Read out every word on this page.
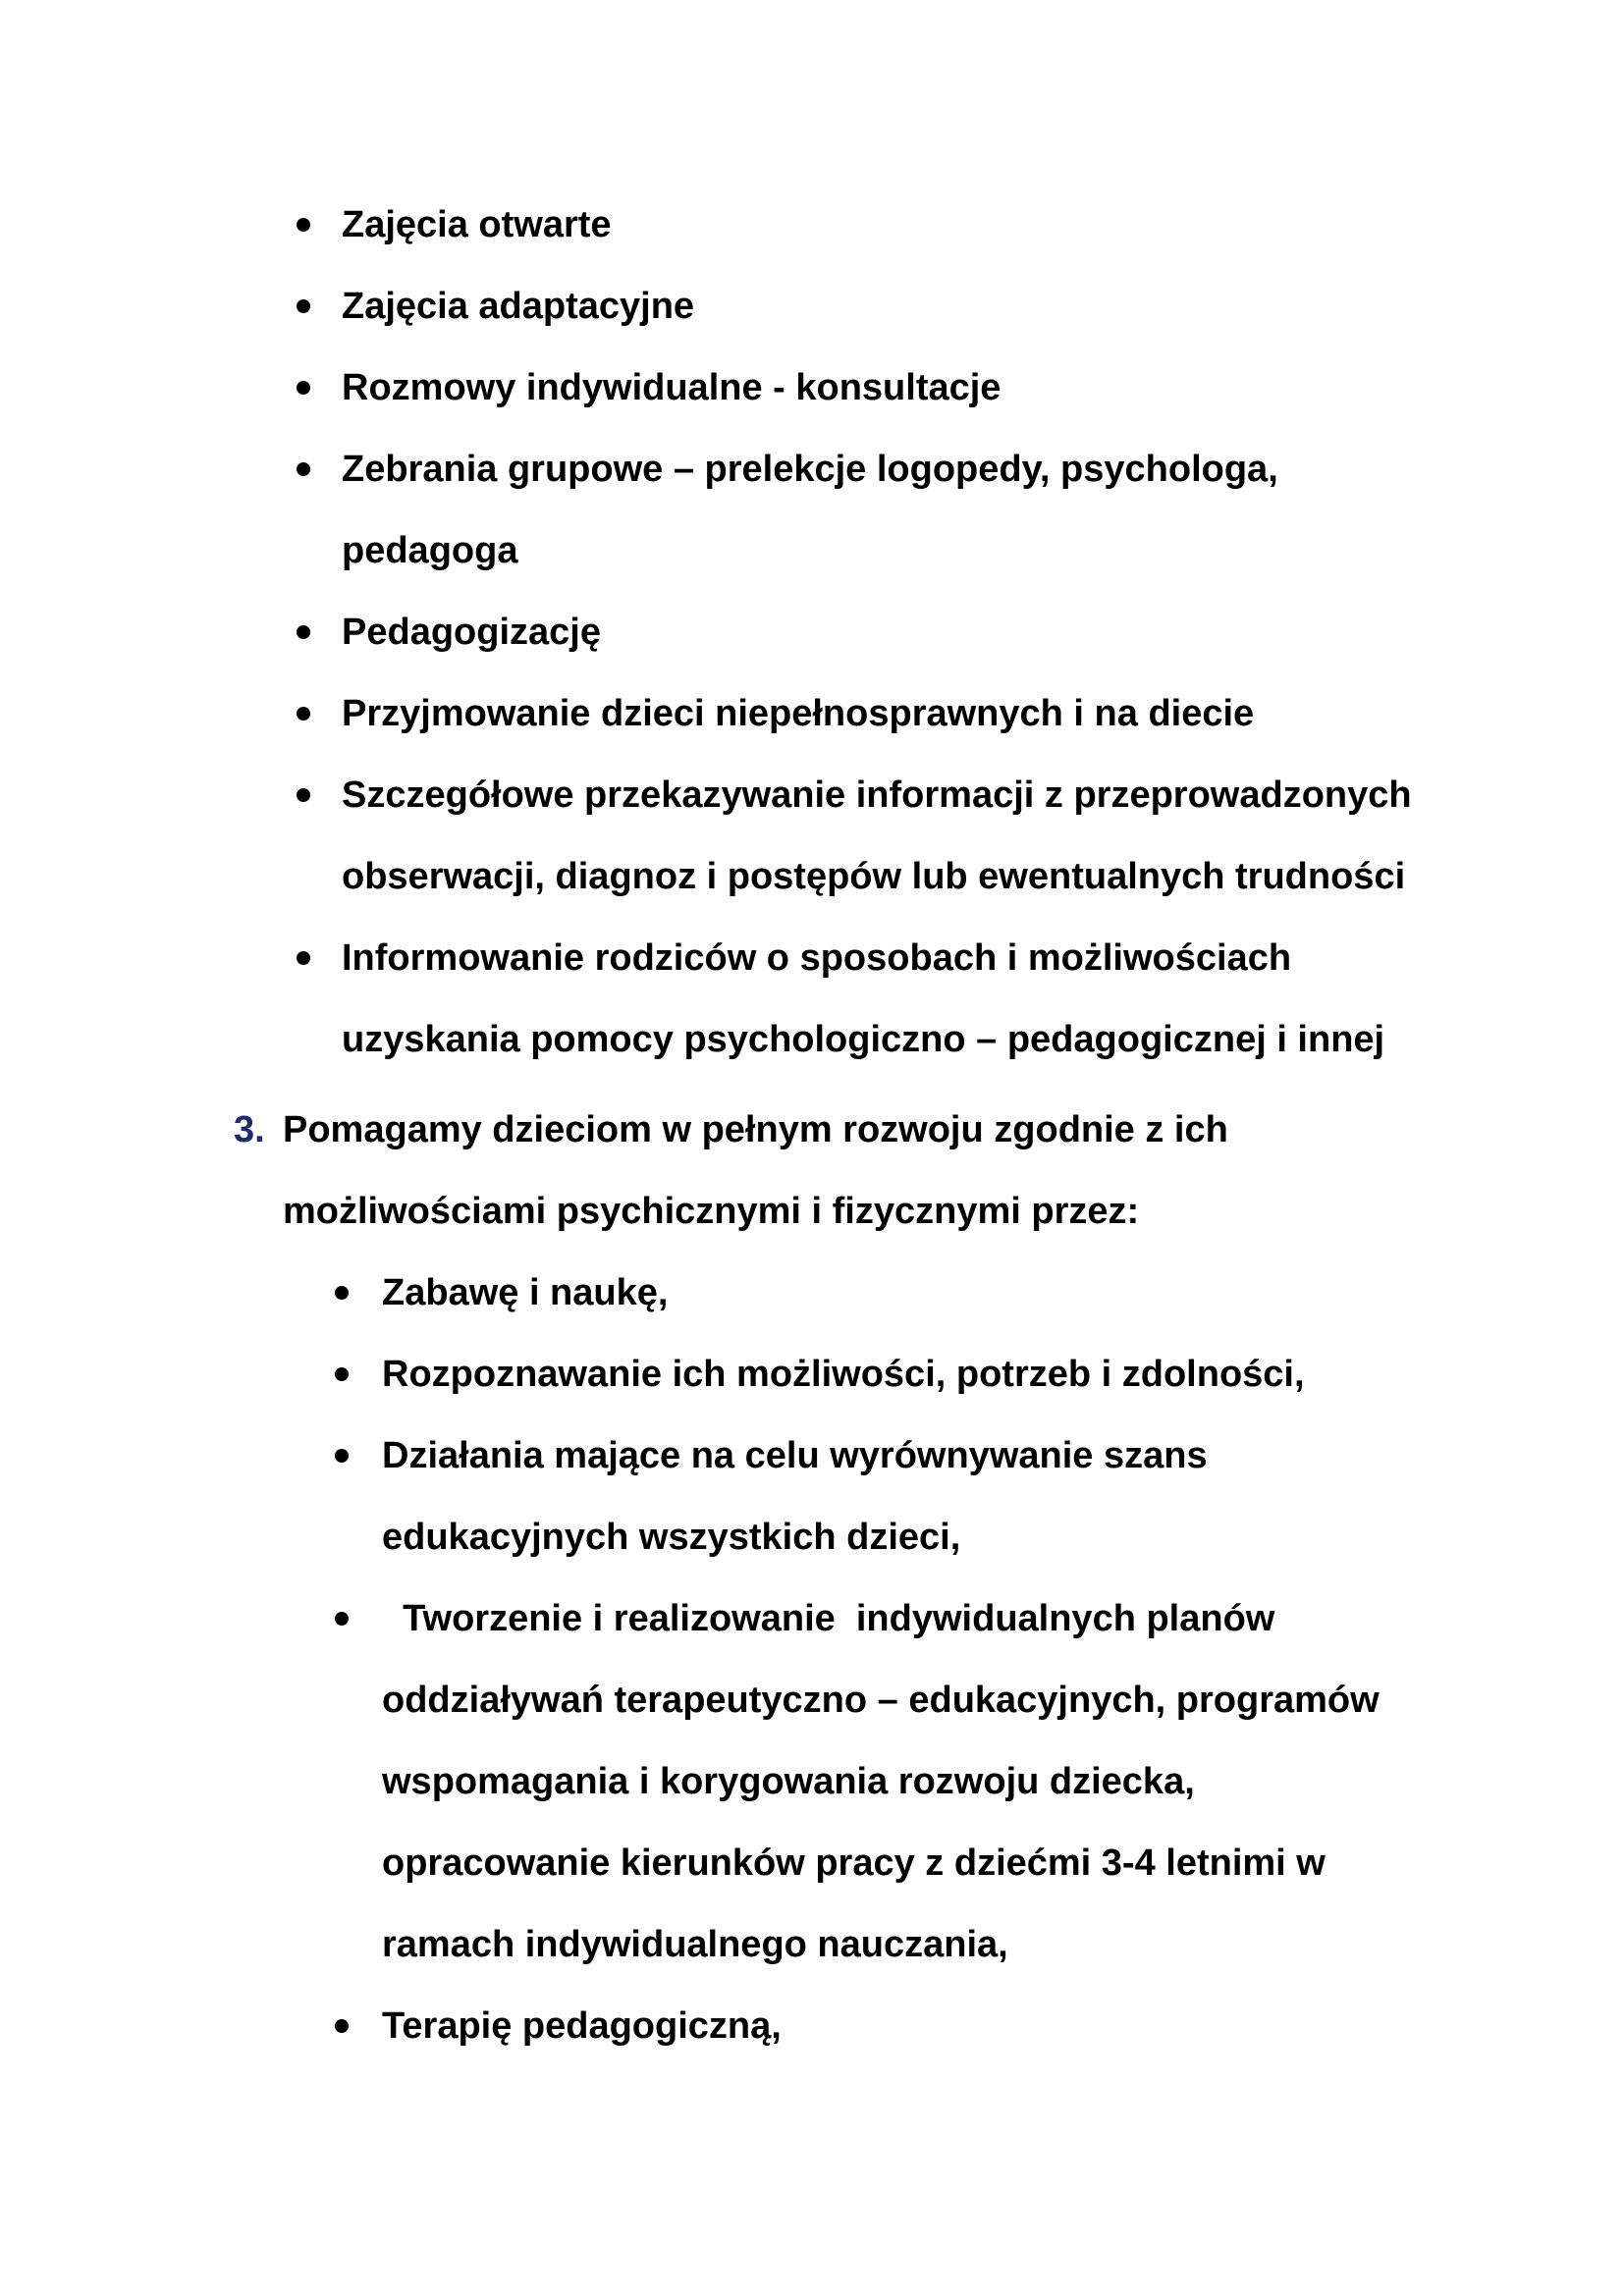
Zajęcia otwarte
Zajęcia adaptacyjne
Rozmowy indywidualne - konsultacje
Zebrania grupowe – prelekcje logopedy, psychologa,
pedagoga
Pedagogizację
Przyjmowanie dzieci niepełnosprawnych i na diecie
Szczegółowe przekazywanie informacji z przeprowadzonych
obserwacji, diagnoz i postępów lub ewentualnych trudności
Informowanie rodziców o sposobach i możliwościach
uzyskania pomocy psychologiczno – pedagogicznej i innej
3. Pomagamy dzieciom w pełnym rozwoju zgodnie z ich
możliwościami psychicznymi i fizycznymi przez:
Zabawę i naukę,
Rozpoznawanie ich możliwości, potrzeb i zdolności,
Działania mające na celu wyrównywanie szans
edukacyjnych wszystkich dzieci,
Tworzenie i realizowanie  indywidualnych planów
oddziaływań terapeutyczno – edukacyjnych, programów
wspomagania i korygowania rozwoju dziecka,
opracowanie kierunków pracy z dziećmi 3-4 letnimi w
ramach indywidualnego nauczania,
Terapię pedagogiczną,
